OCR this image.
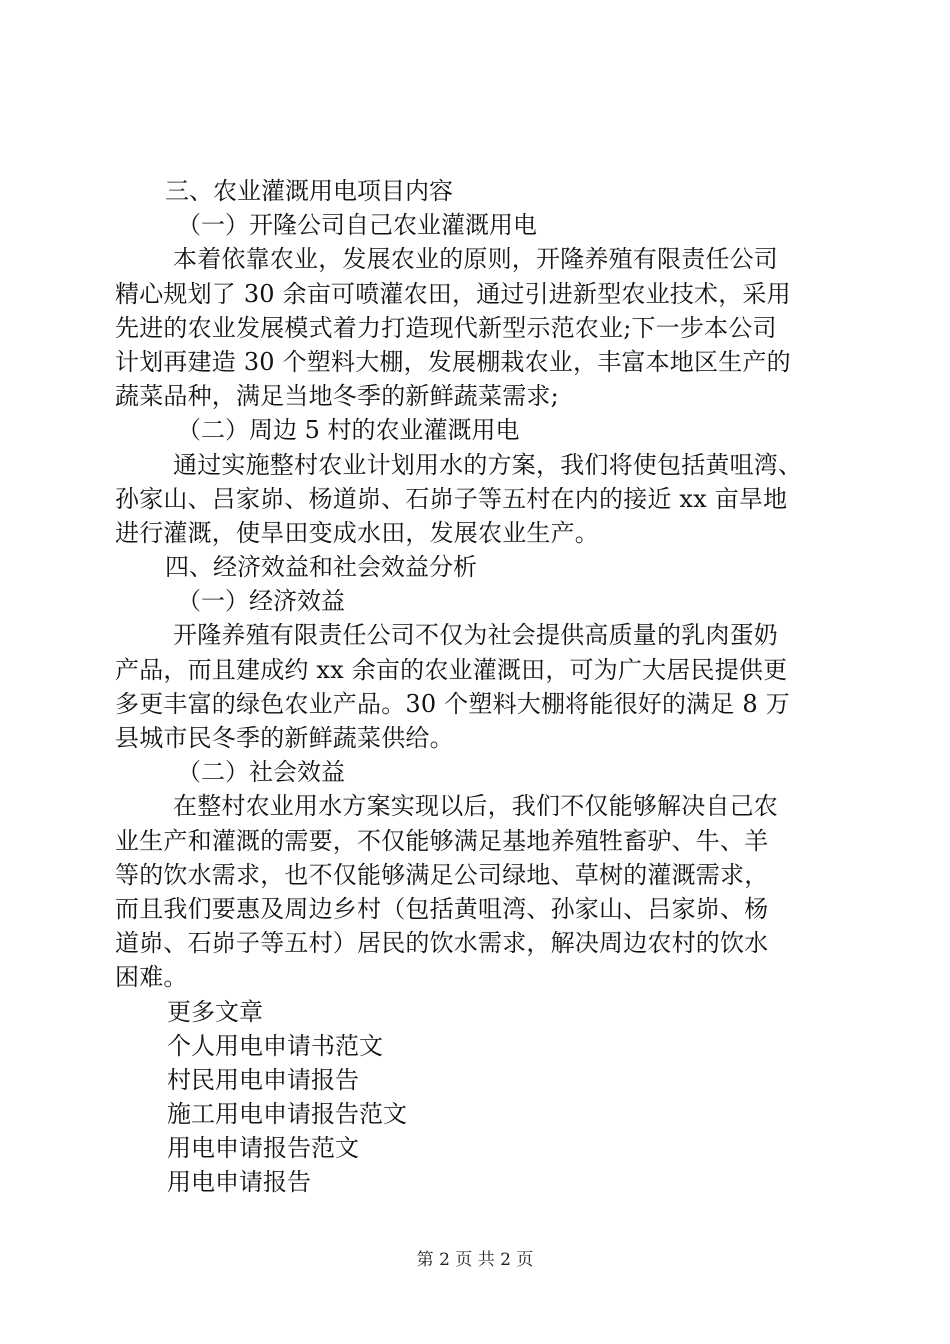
三、农业灌溉用电项目内容
（一）开隆公司自己农业灌溉用电
本着依靠农业，发展农业的原则，开隆养殖有限责任公司
精心规划了 30 余亩可喷灌农田，通过引进新型农业技术，采用
先进的农业发展模式着力打造现代新型示范农业;下一步本公司
计划再建造 30 个塑料大棚，发展棚栽农业，丰富本地区生产的
蔬菜品种，满足当地冬季的新鲜蔬菜需求;
（二）周边 5 村的农业灌溉用电
通过实施整村农业计划用水的方案，我们将使包括黄咀湾、
孙家山、吕家峁、杨道峁、石峁子等五村在内的接近 xx 亩旱地
进行灌溉，使旱田变成水田，发展农业生产。
四、经济效益和社会效益分析
（一）经济效益
开隆养殖有限责任公司不仅为社会提供高质量的乳肉蛋奶
产品，而且建成约 xx 余亩的农业灌溉田，可为广大居民提供更
多更丰富的绿色农业产品。30 个塑料大棚将能很好的满足 8 万
县城市民冬季的新鲜蔬菜供给。
（二）社会效益
在整村农业用水方案实现以后，我们不仅能够解决自己农
业生产和灌溉的需要，不仅能够满足基地养殖牲畜驴、牛、羊
等的饮水需求，也不仅能够满足公司绿地、草树的灌溉需求，
而且我们要惠及周边乡村（包括黄咀湾、孙家山、吕家峁、杨
道峁、石峁子等五村）居民的饮水需求，解决周边农村的饮水
困难。
更多文章
个人用电申请书范文
村民用电申请报告
施工用电申请报告范文
用电申请报告范文
用电申请报告
第 2 页 共 2 页
